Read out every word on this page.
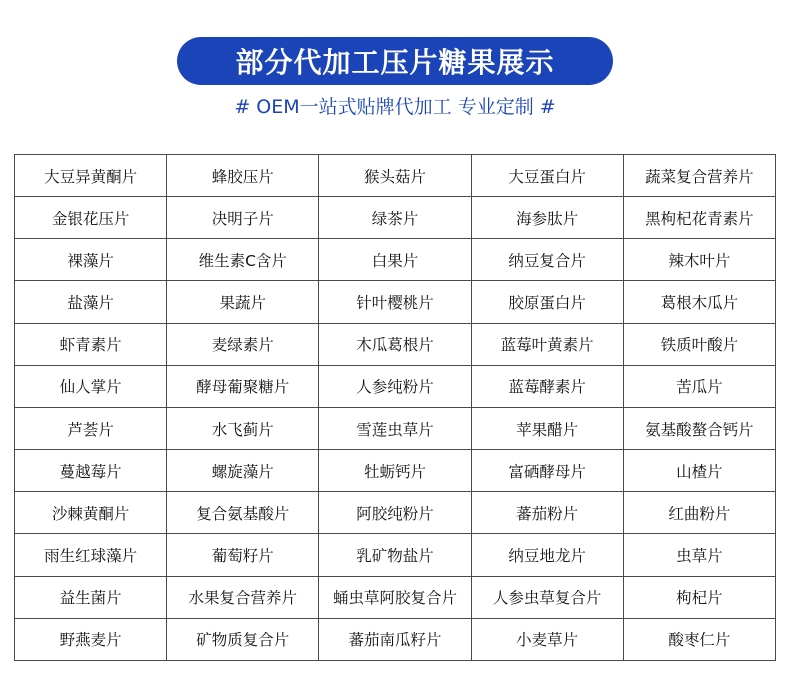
部分代加工压片糖果展示
# OEM一站式贴牌代加工 专业定制 #
大豆异黄酮片	蜂胶压片	猴头菇片	大豆蛋白片	蔬菜复合营养片
金银花压片	决明子片	绿茶片	海参肽片	黑枸杞花青素片
裸藻片	维生素C含片	白果片	纳豆复合片	辣木叶片
盐藻片	果蔬片	针叶樱桃片	胶原蛋白片	葛根木瓜片
虾青素片	麦绿素片	木瓜葛根片	蓝莓叶黄素片	铁质叶酸片
仙人掌片	酵母葡聚糖片	人参纯粉片	蓝莓酵素片	苦瓜片
芦荟片	水飞蓟片	雪莲虫草片	苹果醋片	氨基酸螯合钙片
蔓越莓片	螺旋藻片	牡蛎钙片	富硒酵母片	山楂片
沙棘黄酮片	复合氨基酸片	阿胶纯粉片	蕃茄粉片	红曲粉片
雨生红球藻片	葡萄籽片	乳矿物盐片	纳豆地龙片	虫草片
益生菌片	水果复合营养片	蛹虫草阿胶复合片	人参虫草复合片	枸杞片
野燕麦片	矿物质复合片	蕃茄南瓜籽片	小麦草片	酸枣仁片
